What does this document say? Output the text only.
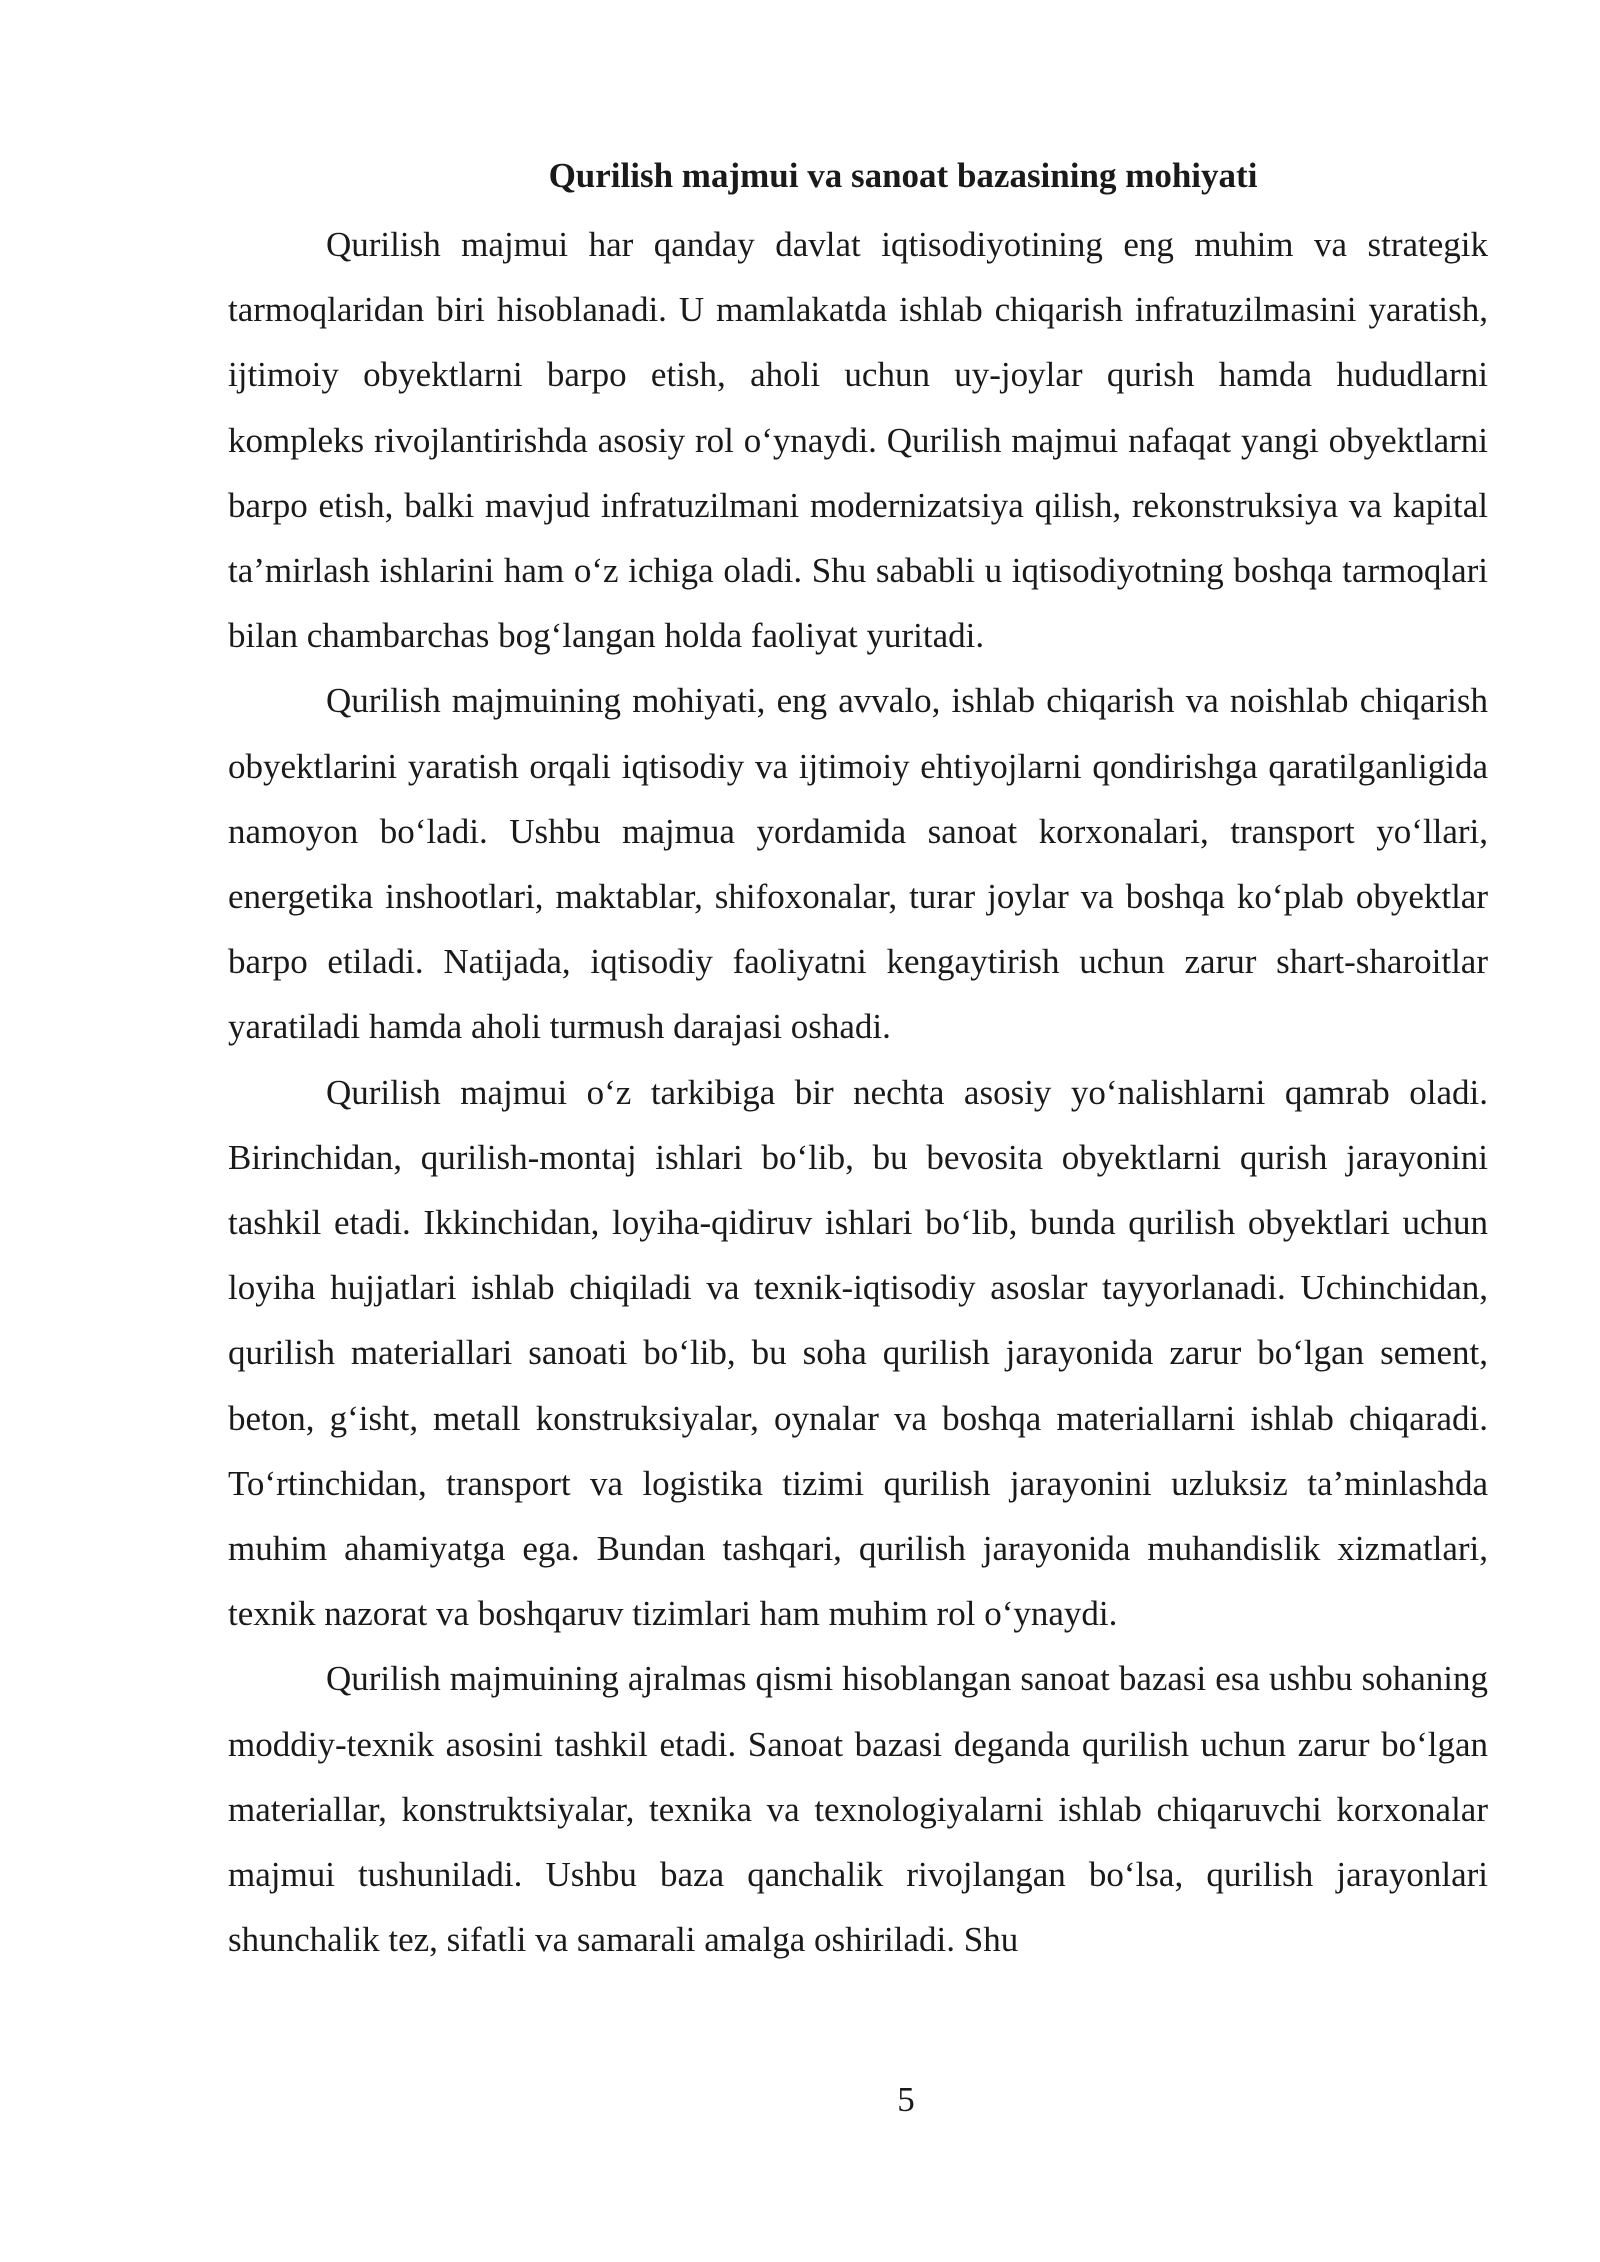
Qurilish majmui va sanoat bazasining mohiyati

Qurilish majmui har qanday davlat iqtisodiyotining eng muhim va strategik tarmoqlaridan biri hisoblanadi. U mamlakatda ishlab chiqarish infratuzilmasini yaratish, ijtimoiy obyektlarni barpo etish, aholi uchun uy-joylar qurish hamda hududlarni kompleks rivojlantirishda asosiy rol o‘ynaydi. Qurilish majmui nafaqat yangi obyektlarni barpo etish, balki mavjud infratuzilmani modernizatsiya qilish, rekonstruksiya va kapital ta’mirlash ishlarini ham o‘z ichiga oladi. Shu sababli u iqtisodiyotning boshqa tarmoqlari bilan chambarchas bog‘langan holda faoliyat yuritadi.

Qurilish majmuining mohiyati, eng avvalo, ishlab chiqarish va noishlab chiqarish obyektlarini yaratish orqali iqtisodiy va ijtimoiy ehtiyojlarni qondirishga qaratilganligida namoyon bo‘ladi. Ushbu majmua yordamida sanoat korxonalari, transport yo‘llari, energetika inshootlari, maktablar, shifoxonalar, turar joylar va boshqa ko‘plab obyektlar barpo etiladi. Natijada, iqtisodiy faoliyatni kengaytirish uchun zarur shart-sharoitlar yaratiladi hamda aholi turmush darajasi oshadi.

Qurilish majmui o‘z tarkibiga bir nechta asosiy yo‘nalishlarni qamrab oladi. Birinchidan, qurilish-montaj ishlari bo‘lib, bu bevosita obyektlarni qurish jarayonini tashkil etadi. Ikkinchidan, loyiha-qidiruv ishlari bo‘lib, bunda qurilish obyektlari uchun loyiha hujjatlari ishlab chiqiladi va texnik-iqtisodiy asoslar tayyorlanadi. Uchinchidan, qurilish materiallari sanoati bo‘lib, bu soha qurilish jarayonida zarur bo‘lgan sement, beton, g‘isht, metall konstruksiyalar, oynalar va boshqa materiallarni ishlab chiqaradi. To‘rtinchidan, transport va logistika tizimi qurilish jarayonini uzluksiz ta’minlashda muhim ahamiyatga ega. Bundan tashqari, qurilish jarayonida muhandislik xizmatlari, texnik nazorat va boshqaruv tizimlari ham muhim rol o‘ynaydi.

Qurilish majmuining ajralmas qismi hisoblangan sanoat bazasi esa ushbu sohaning moddiy-texnik asosini tashkil etadi. Sanoat bazasi deganda qurilish uchun zarur bo‘lgan materiallar, konstruktsiyalar, texnika va texnologiyalarni ishlab chiqaruvchi korxonalar majmui tushuniladi. Ushbu baza qanchalik rivojlangan bo‘lsa, qurilish jarayonlari shunchalik tez, sifatli va samarali amalga oshiriladi. Shu

5
